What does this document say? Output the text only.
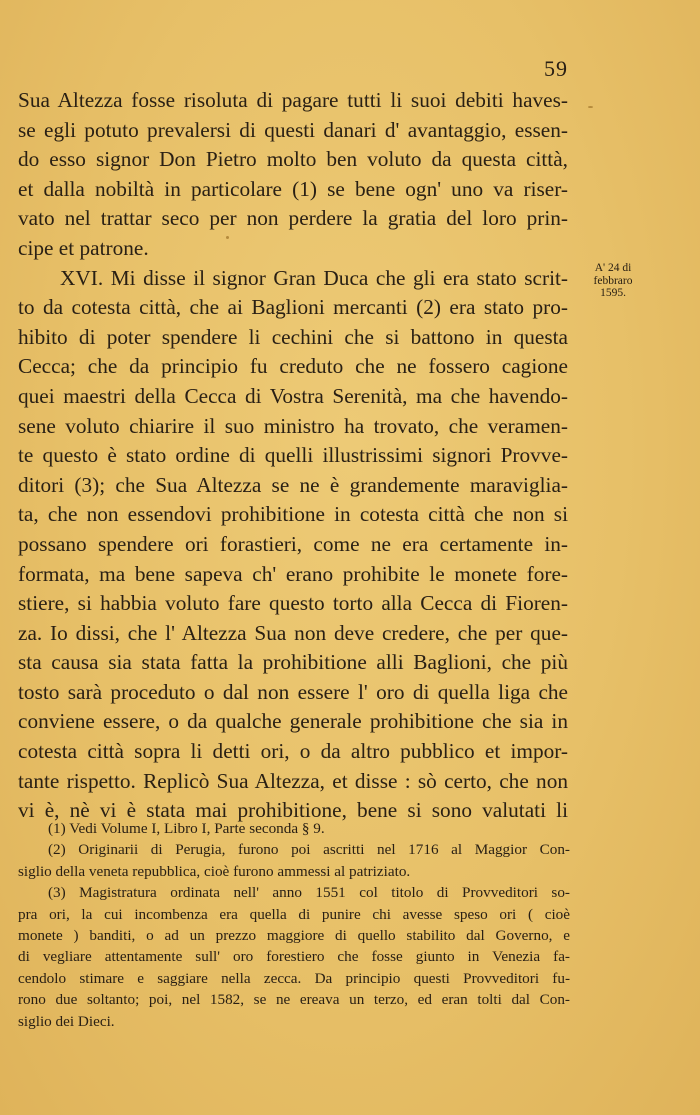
59
Sua Altezza fosse risoluta di pagare tutti li suoi debiti haves-
se egli potuto prevalersi di questi danari d' avantaggio, essen-
do esso signor Don Pietro molto ben voluto da questa città,
et dalla nobiltà in particolare (1) se bene ogn' uno va riser-
vato nel trattar seco per non perdere la gratia del loro prin-
cipe et patrone.
XVI. Mi disse il signor Gran Duca che gli era stato scrit-
to da cotesta città, che ai Baglioni mercanti (2) era stato pro-
hibito di poter spendere li cechini che si battono in questa
Cecca; che da principio fu creduto che ne fossero cagione
quei maestri della Cecca di Vostra Serenità, ma che havendo-
sene voluto chiarire il suo ministro ha trovato, che veramen-
te questo è stato ordine di quelli illustrissimi signori Provve-
ditori (3); che Sua Altezza se ne è grandemente maraviglia-
ta, che non essendovi prohibitione in cotesta città che non si
possano spendere ori forastieri, come ne era certamente in-
formata, ma bene sapeva ch' erano prohibite le monete fore-
stiere, si habbia voluto fare questo torto alla Cecca di Fioren-
za. Io dissi, che l' Altezza Sua non deve credere, che per que-
sta causa sia stata fatta la prohibitione alli Baglioni, che più
tosto sarà proceduto o dal non essere l' oro di quella liga che
conviene essere, o da qualche generale prohibitione che sia in
cotesta città sopra li detti ori, o da altro pubblico et impor-
tante rispetto. Replicò Sua Altezza, et disse : sò certo, che non
vi è, nè vi è stata mai prohibitione, bene si sono valutati li
A' 24 di
febbraro
1595.
(1) Vedi Volume I, Libro I, Parte seconda § 9.
(2) Originarii di Perugia, furono poi ascritti nel 1716 al Maggior Con-
siglio della veneta repubblica, cioè furono ammessi al patriziato.
(3) Magistratura ordinata nell' anno 1551 col titolo di Provveditori so-
pra ori, la cui incombenza era quella di punire chi avesse speso ori ( cioè
monete ) banditi, o ad un prezzo maggiore di quello stabilito dal Governo, e
di vegliare attentamente sull' oro forestiero che fosse giunto in Venezia fa-
cendolo stimare e saggiare nella zecca. Da principio questi Provveditori fu-
rono due soltanto; poi, nel 1582, se ne ereava un terzo, ed eran tolti dal Con-
siglio dei Dieci.
